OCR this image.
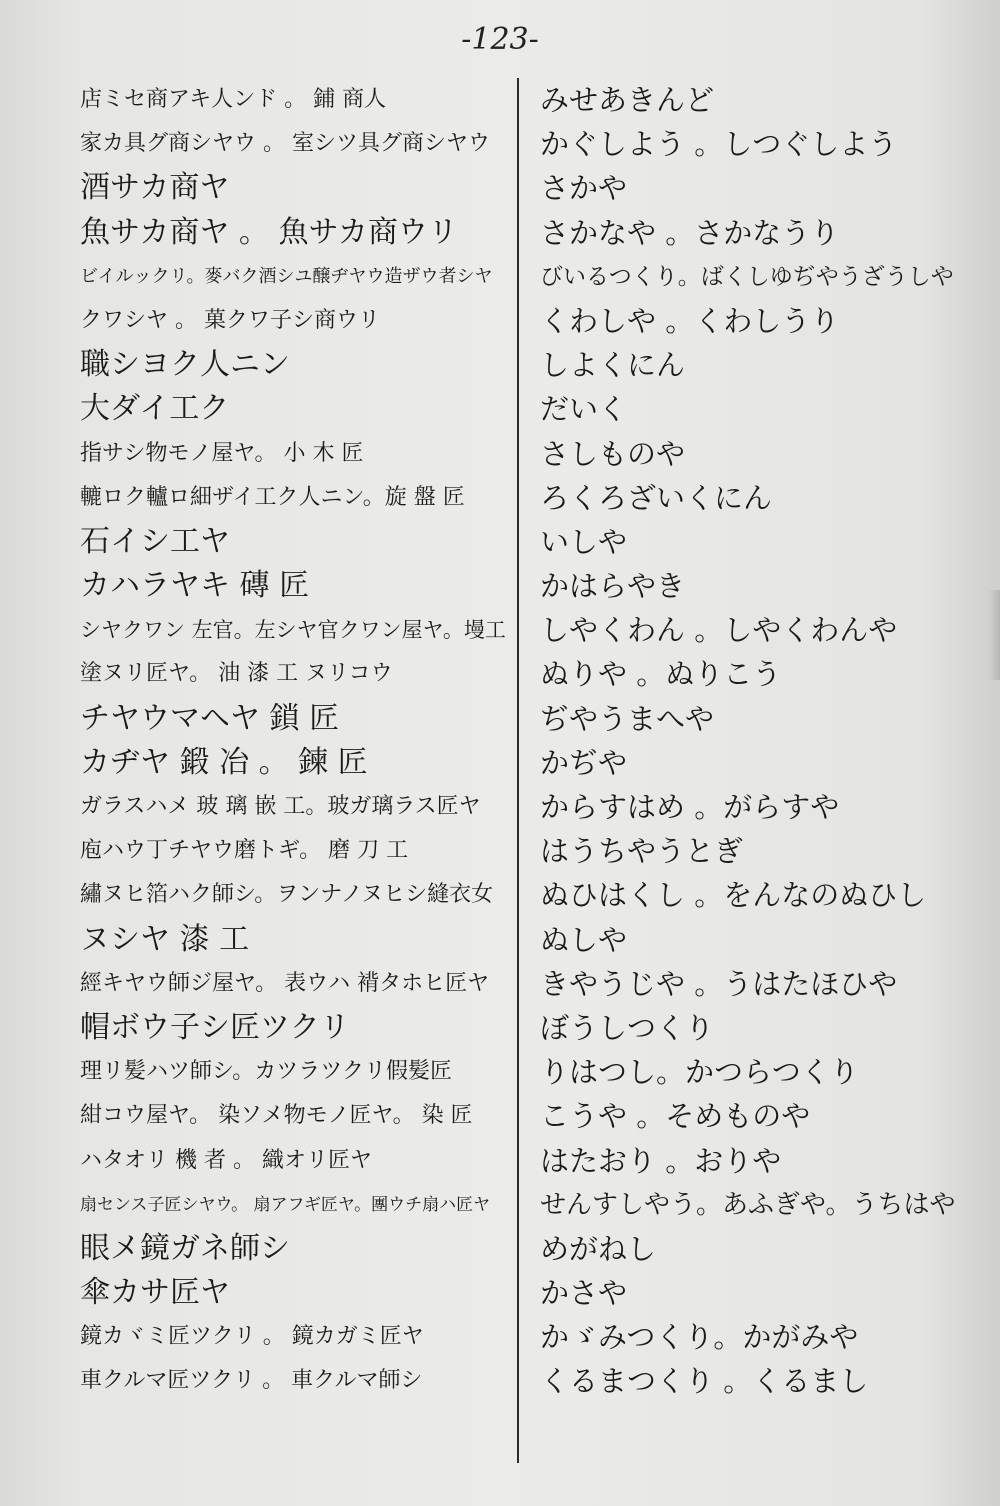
-123-
店ミセ商アキ人ンド 。 鋪 商人
家カ具グ商シヤウ 。 室シツ具グ商シヤウ
酒サカ商ヤ
魚サカ商ヤ 。 魚サカ商ウリ
ビイルックリ。麥バク酒シユ醸ヂヤウ造ザウ者シヤ
クワシヤ 。 菓クワ子シ商ウリ
職シヨク人ニン
大ダイ工ク
指サシ物モノ屋ヤ。 小 木 匠
轆ロク轤ロ細ザイ工ク人ニン。旋 盤 匠
石イシ工ヤ
カハラヤキ 磚 匠
シヤクワン 左官。左シヤ官クワン屋ヤ。墁工
塗ヌリ匠ヤ。 油 漆 工 ヌリコウ
チヤウマヘヤ 鎖 匠
カヂヤ 鍛 冶 。 鍊 匠
ガラスハメ 玻 璃 嵌 工。玻ガ璃ラス匠ヤ
庖ハウ丁チヤウ磨トギ。 磨 刀 工
繡ヌヒ箔ハク師シ。ヲンナノヌヒシ縫衣女
ヌシヤ 漆 工
經キヤウ師ジ屋ヤ。 表ウハ 褙タホヒ匠ヤ
帽ボウ子シ匠ツクリ
理リ髪ハツ師シ。カツラツクリ假髪匠
紺コウ屋ヤ。 染ソメ物モノ匠ヤ。 染 匠
ハタオリ 機 者 。 織オリ匠ヤ
扇センス子匠シヤウ。 扇アフギ匠ヤ。團ウチ扇ハ匠ヤ
眼メ鏡ガネ師シ
傘カサ匠ヤ
鏡カヾミ匠ツクリ 。 鏡カガミ匠ヤ
車クルマ匠ツクリ 。 車クルマ師シ
みせあきんど
かぐしよう 。しつぐしよう
さかや
さかなや 。さかなうり
びいるつくり。ばくしゆぢやうざうしや
くわしや 。くわしうり
しよくにん
だいく
さしものや
ろくろざいくにん
いしや
かはらやき
しやくわん 。しやくわんや
ぬりや 。ぬりこう
ぢやうまへや
かぢや
からすはめ 。がらすや
はうちやうとぎ
ぬひはくし 。をんなのぬひし
ぬしや
きやうじや 。うはたほひや
ぼうしつくり
りはつし。かつらつくり
こうや 。そめものや
はたおり 。おりや
せんすしやう。あふぎや。うちはや
めがねし
かさや
かゞみつくり。かがみや
くるまつくり 。くるまし
